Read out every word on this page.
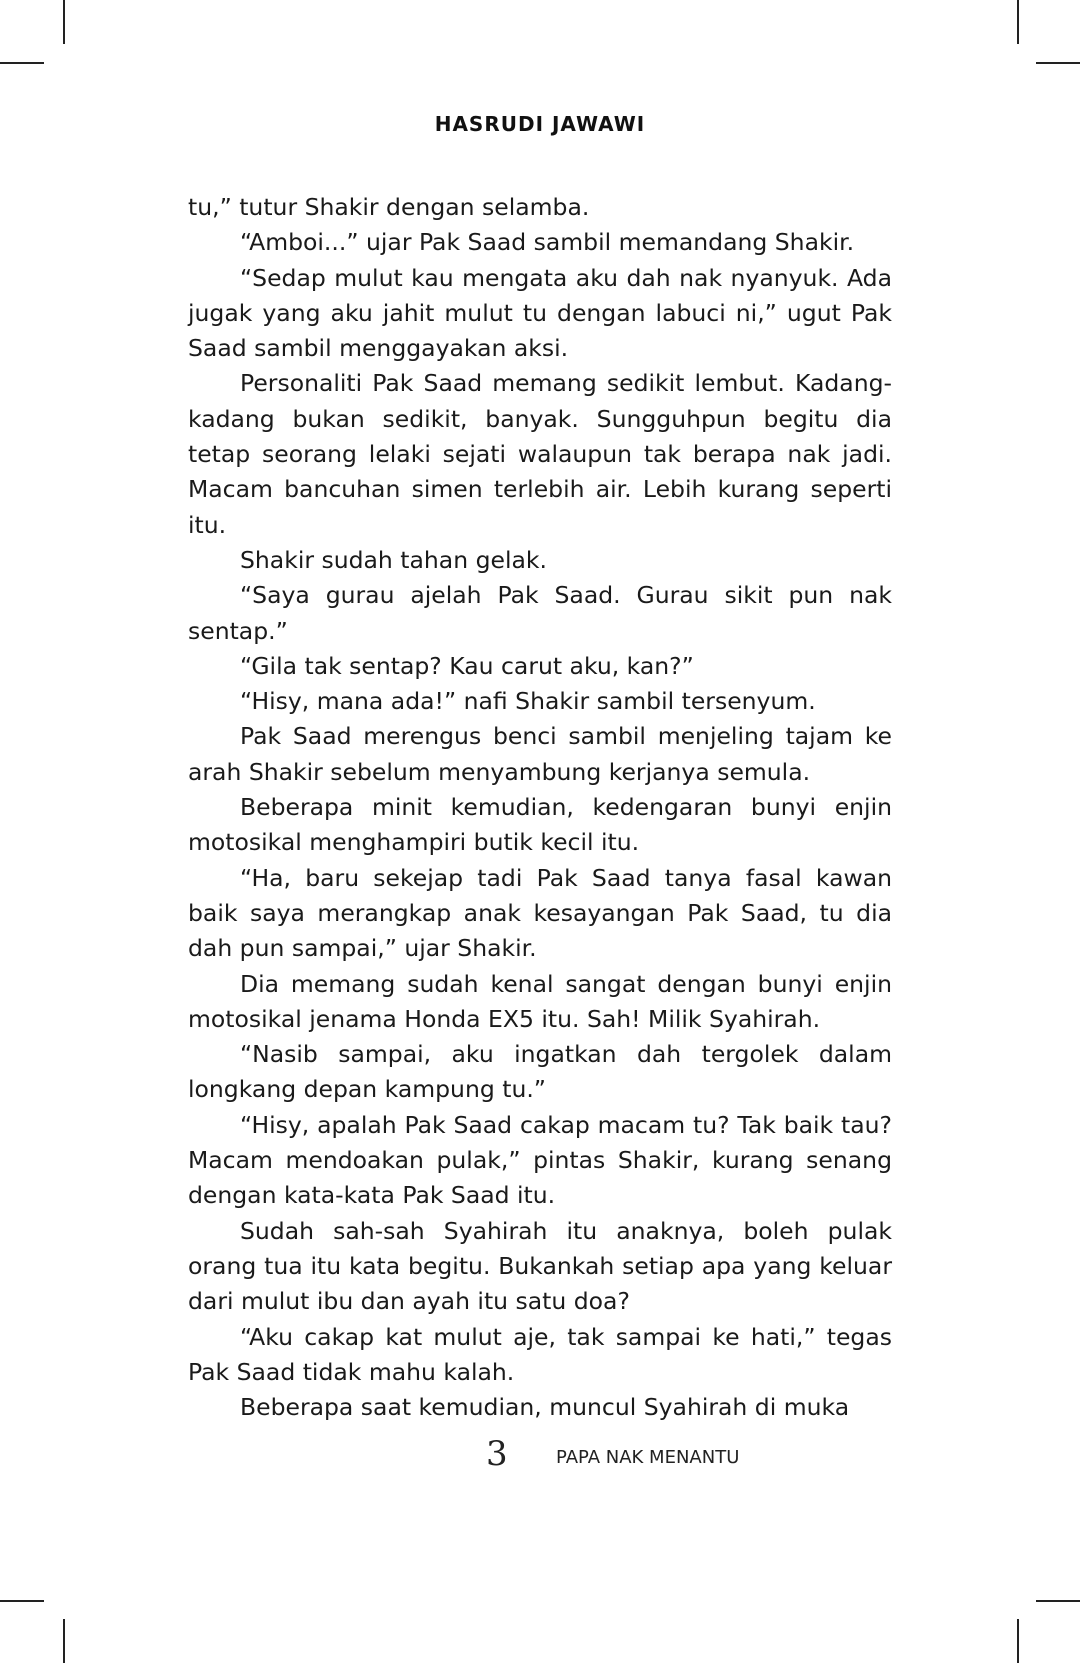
HASRUDI JAWAWI

tu,” tutur Shakir dengan selamba.

“Amboi...” ujar Pak Saad sambil memandang Shakir.

“Sedap mulut kau mengata aku dah nak nyanyuk. Ada jugak yang aku jahit mulut tu dengan labuci ni,” ugut Pak Saad sambil menggayakan aksi.

Personaliti Pak Saad memang sedikit lembut. Kadang-kadang bukan sedikit, banyak. Sungguhpun begitu dia tetap seorang lelaki sejati walaupun tak berapa nak jadi. Macam bancuhan simen terlebih air. Lebih kurang seperti itu.

Shakir sudah tahan gelak.

“Saya gurau ajelah Pak Saad. Gurau sikit pun nak sentap.”

“Gila tak sentap? Kau carut aku, kan?”

“Hisy, mana ada!” nafi Shakir sambil tersenyum.

Pak Saad merengus benci sambil menjeling tajam ke arah Shakir sebelum menyambung kerjanya semula.

Beberapa minit kemudian, kedengaran bunyi enjin motosikal menghampiri butik kecil itu.

“Ha, baru sekejap tadi Pak Saad tanya fasal kawan baik saya merangkap anak kesayangan Pak Saad, tu dia dah pun sampai,” ujar Shakir.

Dia memang sudah kenal sangat dengan bunyi enjin motosikal jenama Honda EX5 itu. Sah! Milik Syahirah.

“Nasib sampai, aku ingatkan dah tergolek dalam longkang depan kampung tu.”

“Hisy, apalah Pak Saad cakap macam tu? Tak baik tau? Macam mendoakan pulak,” pintas Shakir, kurang senang dengan kata-kata Pak Saad itu.

Sudah sah-sah Syahirah itu anaknya, boleh pulak orang tua itu kata begitu. Bukankah setiap apa yang keluar dari mulut ibu dan ayah itu satu doa?

“Aku cakap kat mulut aje, tak sampai ke hati,” tegas Pak Saad tidak mahu kalah.

Beberapa saat kemudian, muncul Syahirah di muka

3	PAPA NAK MENANTU
